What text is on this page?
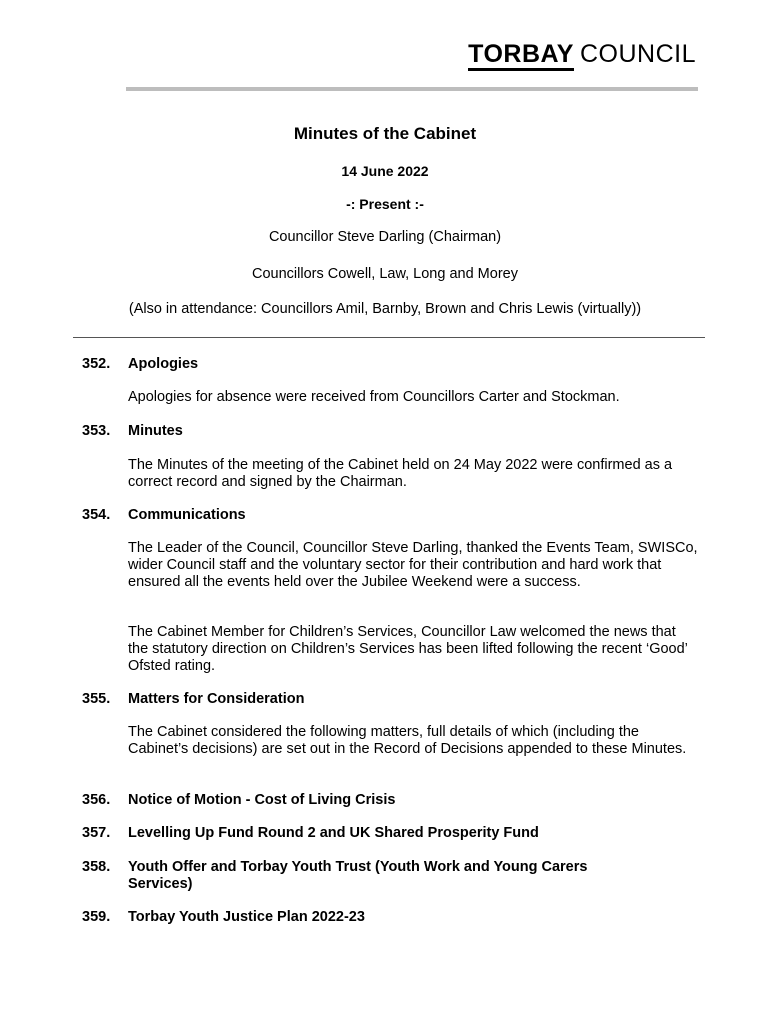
TORBAY COUNCIL
Minutes of the Cabinet
14 June 2022
-: Present :-
Councillor Steve Darling (Chairman)
Councillors Cowell, Law, Long and Morey
(Also in attendance: Councillors Amil, Barnby, Brown and Chris Lewis (virtually))
352. Apologies
Apologies for absence were received from Councillors Carter and Stockman.
353. Minutes
The Minutes of the meeting of the Cabinet held on 24 May 2022 were confirmed as a correct record and signed by the Chairman.
354. Communications
The Leader of the Council, Councillor Steve Darling, thanked the Events Team, SWISCo, wider Council staff and the voluntary sector for their contribution and hard work that ensured all the events held over the Jubilee Weekend were a success.
The Cabinet Member for Children’s Services, Councillor Law welcomed the news that the statutory direction on Children’s Services has been lifted following the recent ‘Good’ Ofsted rating.
355. Matters for Consideration
The Cabinet considered the following matters, full details of which (including the Cabinet’s decisions) are set out in the Record of Decisions appended to these Minutes.
356. Notice of Motion - Cost of Living Crisis
357. Levelling Up Fund Round 2 and UK Shared Prosperity Fund
358. Youth Offer and Torbay Youth Trust (Youth Work and Young Carers Services)
359. Torbay Youth Justice Plan 2022-23
